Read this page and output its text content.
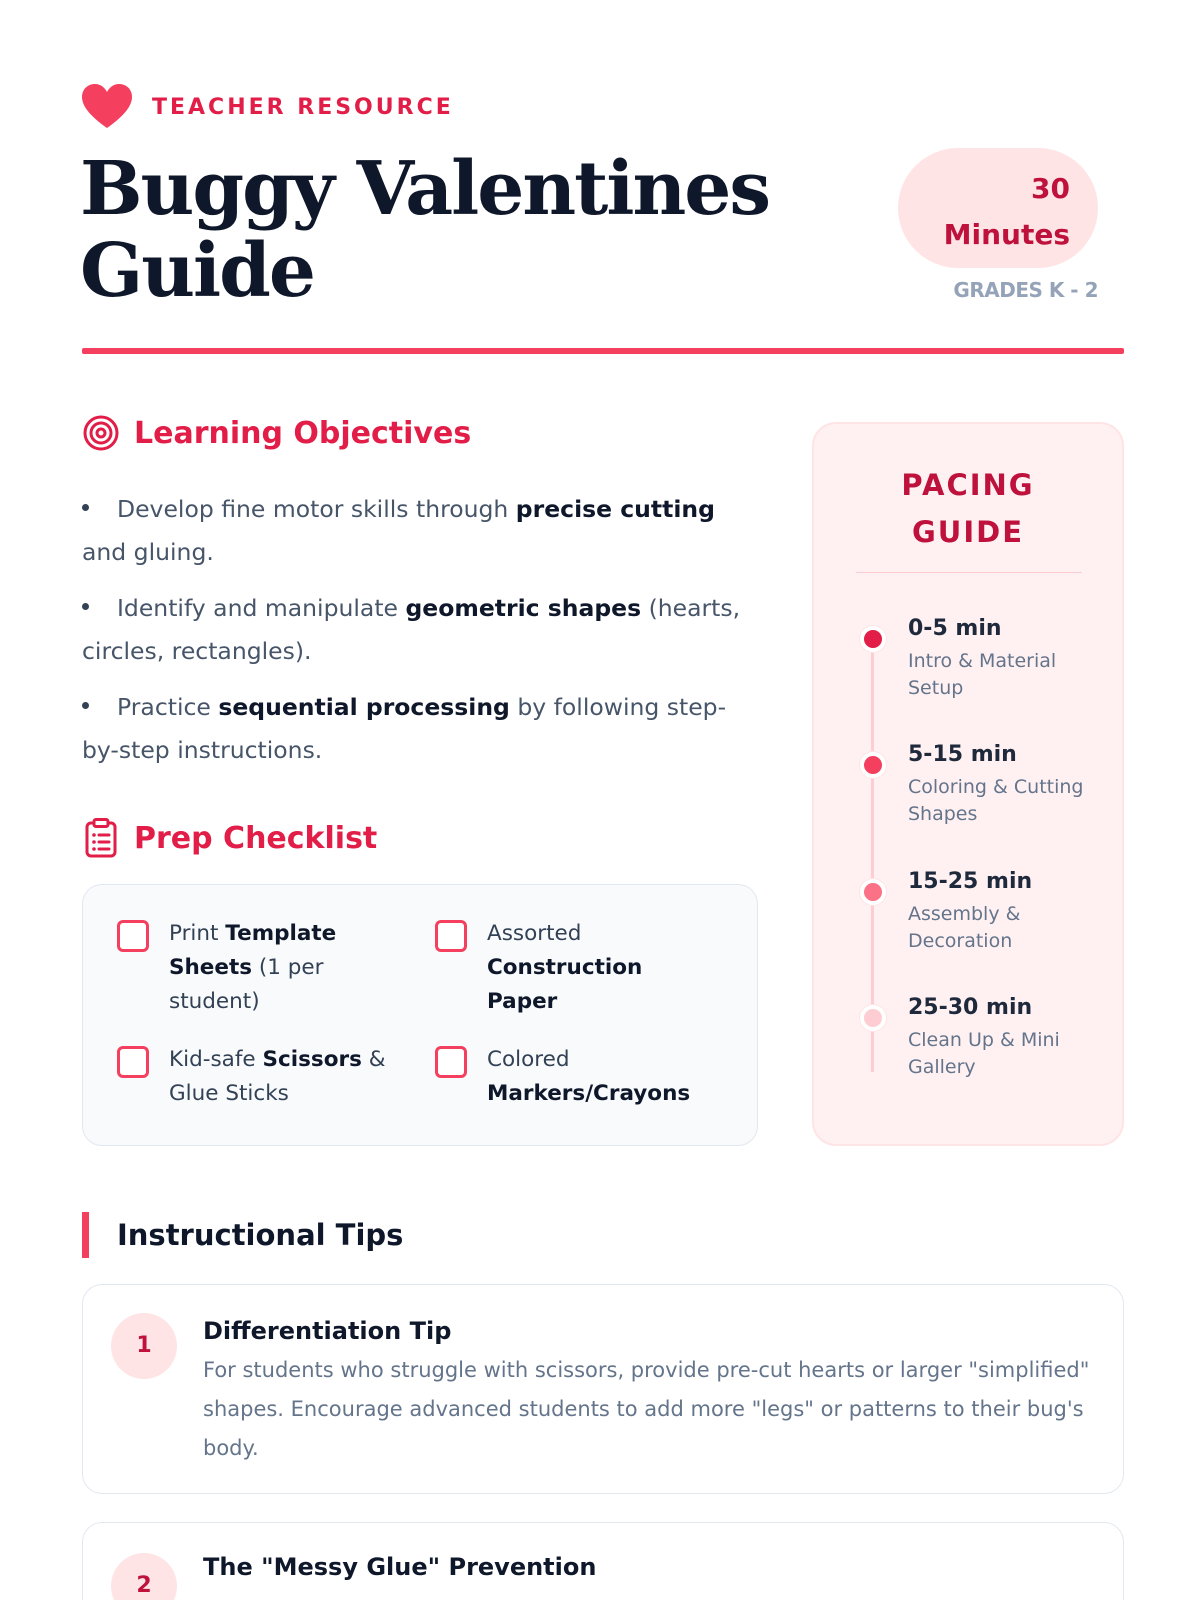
TEACHER RESOURCE
Buggy Valentines Guide
30
Minutes
GRADES K - 2
Learning Objectives
Develop fine motor skills through precise cutting and gluing.
Identify and manipulate geometric shapes (hearts, circles, rectangles).
Practice sequential processing by following step-by-step instructions.
Prep Checklist
Print Template Sheets (1 per student)
Assorted Construction Paper
Kid-safe Scissors & Glue Sticks
Colored Markers/Crayons
PACING
GUIDE
0-5 min
Intro & Material Setup
5-15 min
Coloring & Cutting Shapes
15-25 min
Assembly & Decoration
25-30 min
Clean Up & Mini Gallery
Instructional Tips
1
Differentiation Tip
For students who struggle with scissors, provide pre-cut hearts or larger "simplified" shapes. Encourage advanced students to add more "legs" or patterns to their bug's body.
2
The "Messy Glue" Prevention
